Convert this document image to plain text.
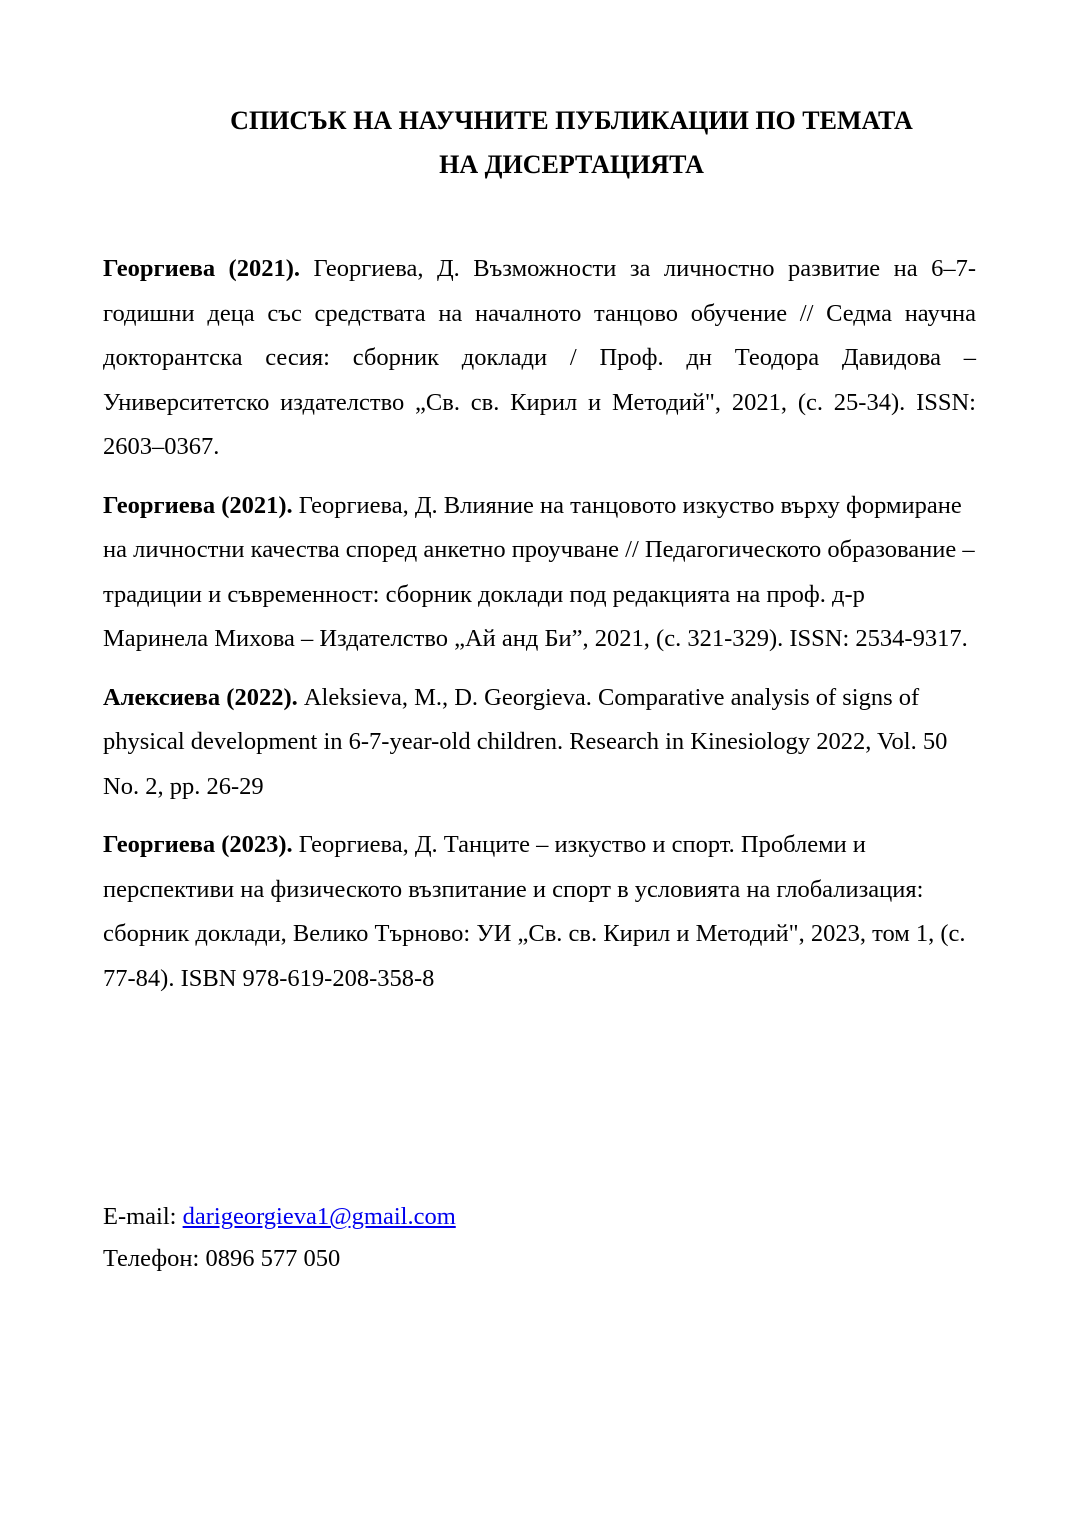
СПИСЪК НА НАУЧНИТЕ ПУБЛИКАЦИИ ПО ТЕМАТА
НА ДИСЕРТАЦИЯТА

Георгиева (2021). Георгиева, Д. Възможности за личностно развитие на 6–7-годишни деца със средствата на началното танцово обучение // Седма научна докторантска сесия: сборник доклади / Проф. дн Теодора Давидова – Университетско издателство „Св. св. Кирил и Методий", 2021, (с. 25-34). ISSN: 2603–0367.

Георгиева (2021). Георгиева, Д. Влияние на танцовото изкуство върху формиране на личностни качества според анкетно проучване // Педагогическото образование – традиции и съвременност: сборник доклади под редакцията на проф. д-р Маринела Михова – Издателство „Ай анд Би”, 2021, (с. 321-329). ISSN: 2534-9317.

Алексиева (2022). Aleksieva, M., D. Georgieva. Comparative analysis of signs of physical development in 6-7-year-old children. Research in Kinesiology 2022, Vol. 50 No. 2, pp. 26-29

Георгиева (2023). Георгиева, Д. Танците – изкуство и спорт. Проблеми и перспективи на физическото възпитание и спорт в условията на глобализация: сборник доклади, Велико Търново: УИ „Св. св. Кирил и Методий", 2023, том 1, (с. 77-84). ISBN 978-619-208-358-8

E-mail: darigeorgieva1@gmail.com
Телефон: 0896 577 050
